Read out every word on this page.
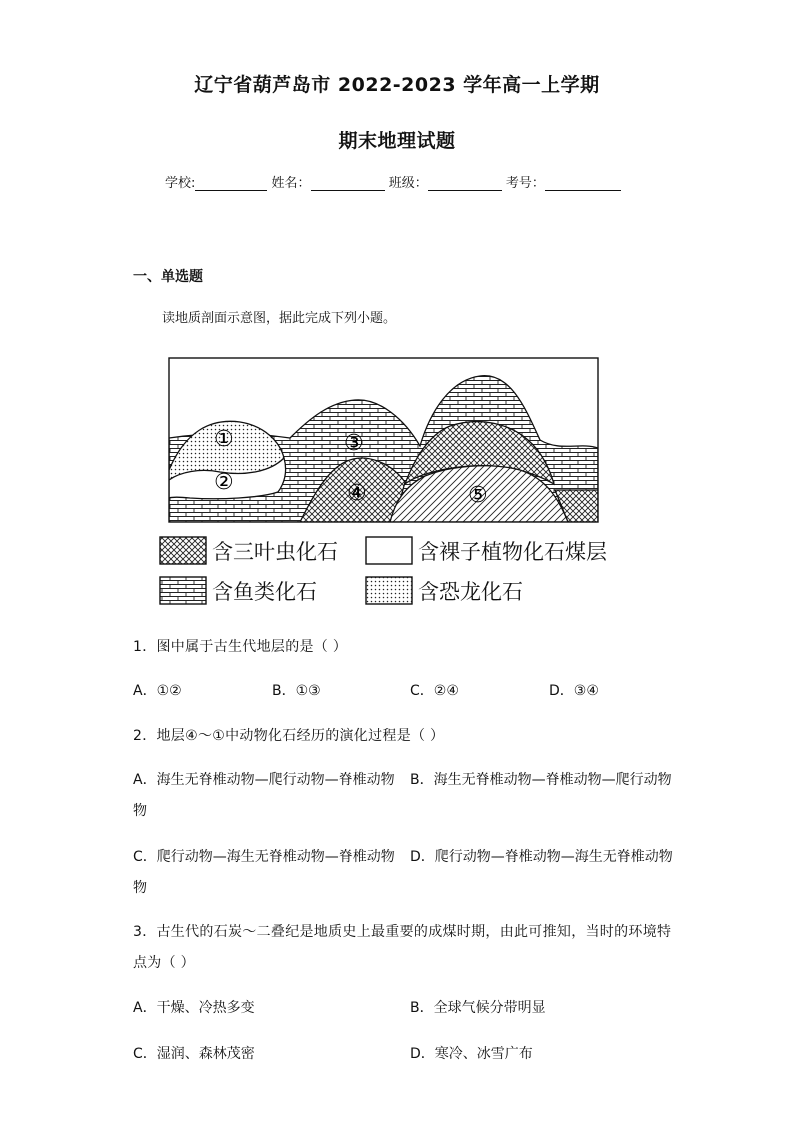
辽宁省葫芦岛市 2022-2023 学年高一上学期
期末地理试题
学校:	姓名：	班级：	考号：
一、单选题
读地质剖面示意图，据此完成下列小题。
①
②
③
④	⑤
含三叶虫化石	含裸子植物化石煤层
含鱼类化石	含恐龙化石
1．图中属于古生代地层的是（ ）
A．①②	B．①③	C．②④	D．③④
2．地层④～①中动物化石经历的演化过程是（ ）
A．海生无脊椎动物—爬行动物—脊椎动物 B．海生无脊椎动物—脊椎动物—爬行动物
物
C．爬行动物—海生无脊椎动物—脊椎动物 D．爬行动物—脊椎动物—海生无脊椎动物
物
3．古生代的石炭～二叠纪是地质史上最重要的成煤时期，由此可推知，当时的环境特
点为（ ）
A．干燥、冷热多变	B．全球气候分带明显
C．湿润、森林茂密	D．寒冷、冰雪广布
